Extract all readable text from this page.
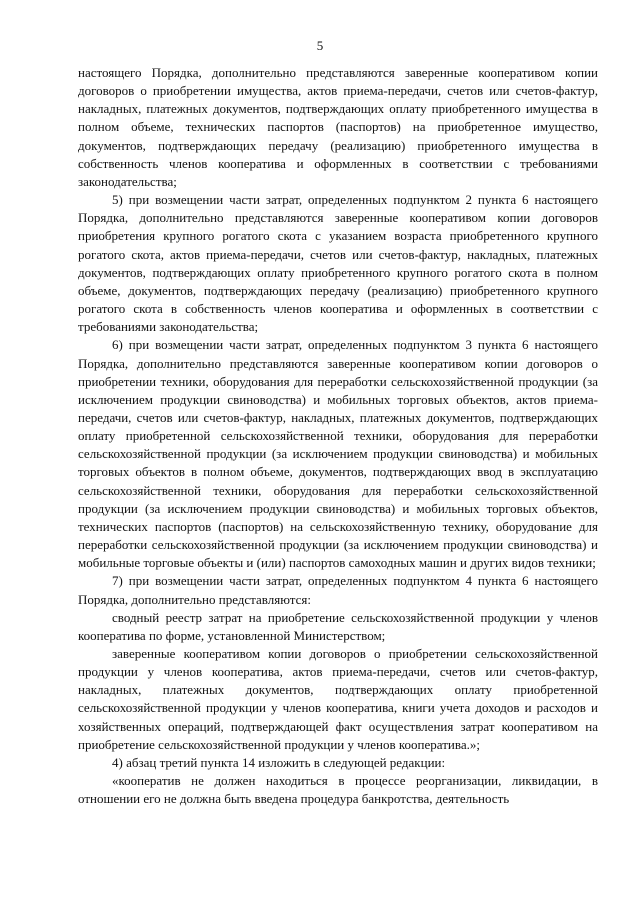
5

настоящего Порядка, дополнительно представляются заверенные кооперативом копии договоров о приобретении имущества, актов приема-передачи, счетов или счетов-фактур, накладных, платежных документов, подтверждающих оплату приобретенного имущества в полном объеме, технических паспортов (паспортов) на приобретенное имущество, документов, подтверждающих передачу (реализацию) приобретенного имущества в собственность членов кооператива и оформленных в соответствии с требованиями законодательства;

5) при возмещении части затрат, определенных подпунктом 2 пункта 6 настоящего Порядка, дополнительно представляются заверенные кооперативом копии договоров приобретения крупного рогатого скота с указанием возраста приобретенного крупного рогатого скота, актов приема-передачи, счетов или счетов-фактур, накладных, платежных документов, подтверждающих оплату приобретенного крупного рогатого скота в полном объеме, документов, подтверждающих передачу (реализацию) приобретенного крупного рогатого скота в собственность членов кооператива и оформленных в соответствии с требованиями законодательства;

6) при возмещении части затрат, определенных подпунктом 3 пункта 6 настоящего Порядка, дополнительно представляются заверенные кооперативом копии договоров о приобретении техники, оборудования для переработки сельскохозяйственной продукции (за исключением продукции свиноводства) и мобильных торговых объектов, актов приема-передачи, счетов или счетов-фактур, накладных, платежных документов, подтверждающих оплату приобретенной сельскохозяйственной техники, оборудования для переработки сельскохозяйственной продукции (за исключением продукции свиноводства) и мобильных торговых объектов в полном объеме, документов, подтверждающих ввод в эксплуатацию сельскохозяйственной техники, оборудования для переработки сельскохозяйственной продукции (за исключением продукции свиноводства) и мобильных торговых объектов, технических паспортов (паспортов) на сельскохозяйственную технику, оборудование для переработки сельскохозяйственной продукции (за исключением продукции свиноводства) и мобильные торговые объекты и (или) паспортов самоходных машин и других видов техники;

7) при возмещении части затрат, определенных подпунктом 4 пункта 6 настоящего Порядка, дополнительно представляются:

сводный реестр затрат на приобретение сельскохозяйственной продукции у членов кооператива по форме, установленной Министерством;

заверенные кооперативом копии договоров о приобретении сельскохозяйственной продукции у членов кооператива, актов приема-передачи, счетов или счетов-фактур, накладных, платежных документов, подтверждающих оплату приобретенной сельскохозяйственной продукции у членов кооператива, книги учета доходов и расходов и хозяйственных операций, подтверждающей факт осуществления затрат кооперативом на приобретение сельскохозяйственной продукции у членов кооператива.»;

4) абзац третий пункта 14 изложить в следующей редакции:

«кооператив не должен находиться в процессе реорганизации, ликвидации, в отношении его не должна быть введена процедура банкротства, деятельность
